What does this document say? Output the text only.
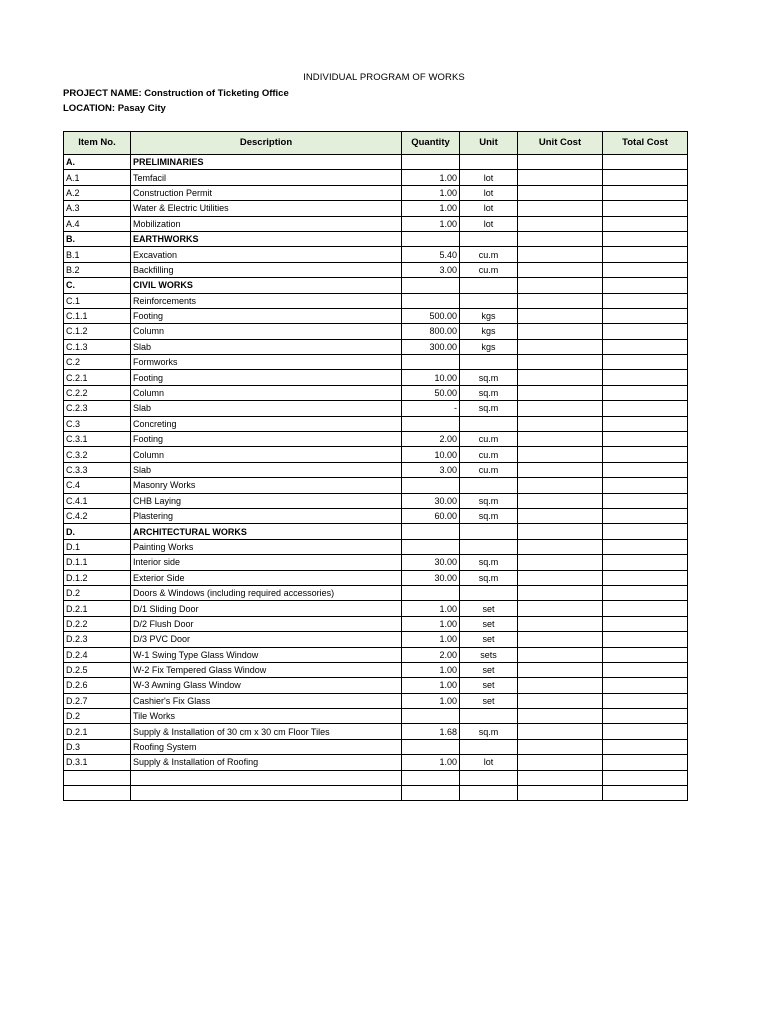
INDIVIDUAL PROGRAM OF WORKS
PROJECT NAME: Construction of Ticketing Office
LOCATION: Pasay City
Item No.	Description	Quantity	Unit	Unit Cost	Total Cost
A.	PRELIMINARIES				
A.1	Temfacil	1.00	lot		
A.2	Construction Permit	1.00	lot		
A.3	Water & Electric Utilities	1.00	lot		
A.4	Mobilization	1.00	lot		
B.	EARTHWORKS				
B.1	Excavation	5.40	cu.m		
B.2	Backfilling	3.00	cu.m		
C.	CIVIL WORKS				
C.1	Reinforcements				
C.1.1	Footing	500.00	kgs		
C.1.2	Column	800.00	kgs		
C.1.3	Slab	300.00	kgs		
C.2	Formworks				
C.2.1	Footing	10.00	sq.m		
C.2.2	Column	50.00	sq.m		
C.2.3	Slab	-	sq.m		
C.3	Concreting				
C.3.1	Footing	2.00	cu.m		
C.3.2	Column	10.00	cu.m		
C.3.3	Slab	3.00	cu.m		
C.4	Masonry Works				
C.4.1	CHB Laying	30.00	sq.m		
C.4.2	Plastering	60.00	sq.m		
D.	ARCHITECTURAL WORKS				
D.1	Painting Works				
D.1.1	Interior side	30.00	sq.m		
D.1.2	Exterior Side	30.00	sq.m		
D.2	Doors & Windows (including required accessories)				
D.2.1	D/1 Sliding Door	1.00	set		
D.2.2	D/2 Flush Door	1.00	set		
D.2.3	D/3 PVC Door	1.00	set		
D.2.4	W-1 Swing Type Glass Window	2.00	sets		
D.2.5	W-2 Fix Tempered Glass Window	1.00	set		
D.2.6	W-3 Awning Glass Window	1.00	set		
D.2.7	Cashier's Fix Glass	1.00	set		
D.2	Tile Works				
D.2.1	Supply & Installation of 30 cm x 30 cm Floor Tiles	1.68	sq.m		
D.3	Roofing System				
D.3.1	Supply & Installation of Roofing	1.00	lot		
